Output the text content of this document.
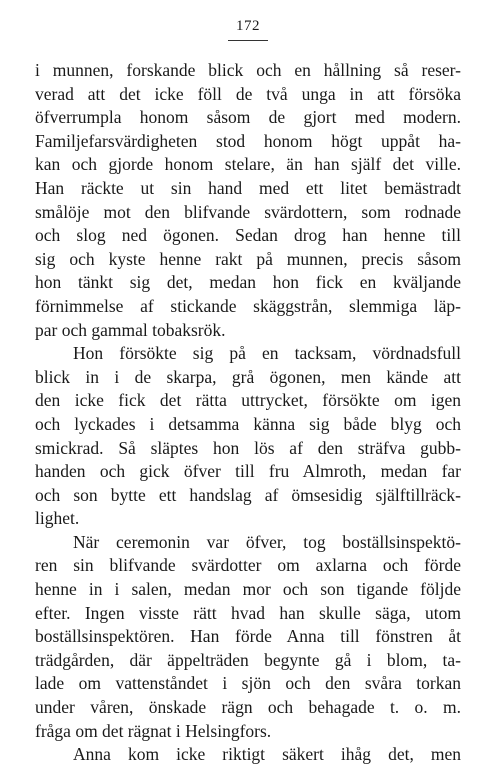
172
i munnen, forskande blick och en hållning så reser-
verad att det icke föll de två unga in att försöka
öfverrumpla honom såsom de gjort med modern.
Familjefarsvärdigheten stod honom högt uppåt ha-
kan och gjorde honom stelare, än han själf det ville.
Han räckte ut sin hand med ett litet bemästradt
smålöje mot den blifvande svärdottern, som rodnade
och slog ned ögonen. Sedan drog han henne till
sig och kyste henne rakt på munnen, precis såsom
hon tänkt sig det, medan hon fick en kväljande
förnimmelse af stickande skäggstrån, slemmiga läp-
par och gammal tobaksrök.
Hon försökte sig på en tacksam, vördnadsfull
blick in i de skarpa, grå ögonen, men kände att
den icke fick det rätta uttrycket, försökte om igen
och lyckades i detsamma känna sig både blyg och
smickrad. Så släptes hon lös af den sträfva gubb-
handen och gick öfver till fru Almroth, medan far
och son bytte ett handslag af ömsesidig själftillräck-
lighet.
När ceremonin var öfver, tog boställsinspektö-
ren sin blifvande svärdotter om axlarna och förde
henne in i salen, medan mor och son tigande följde
efter. Ingen visste rätt hvad han skulle säga, utom
boställsinspektören. Han förde Anna till fönstren åt
trädgården, där äppelträden begynte gå i blom, ta-
lade om vattenståndet i sjön och den svåra torkan
under våren, önskade rägn och behagade t. o. m.
fråga om det rägnat i Helsingfors.
Anna kom icke riktigt säkert ihåg det, men
